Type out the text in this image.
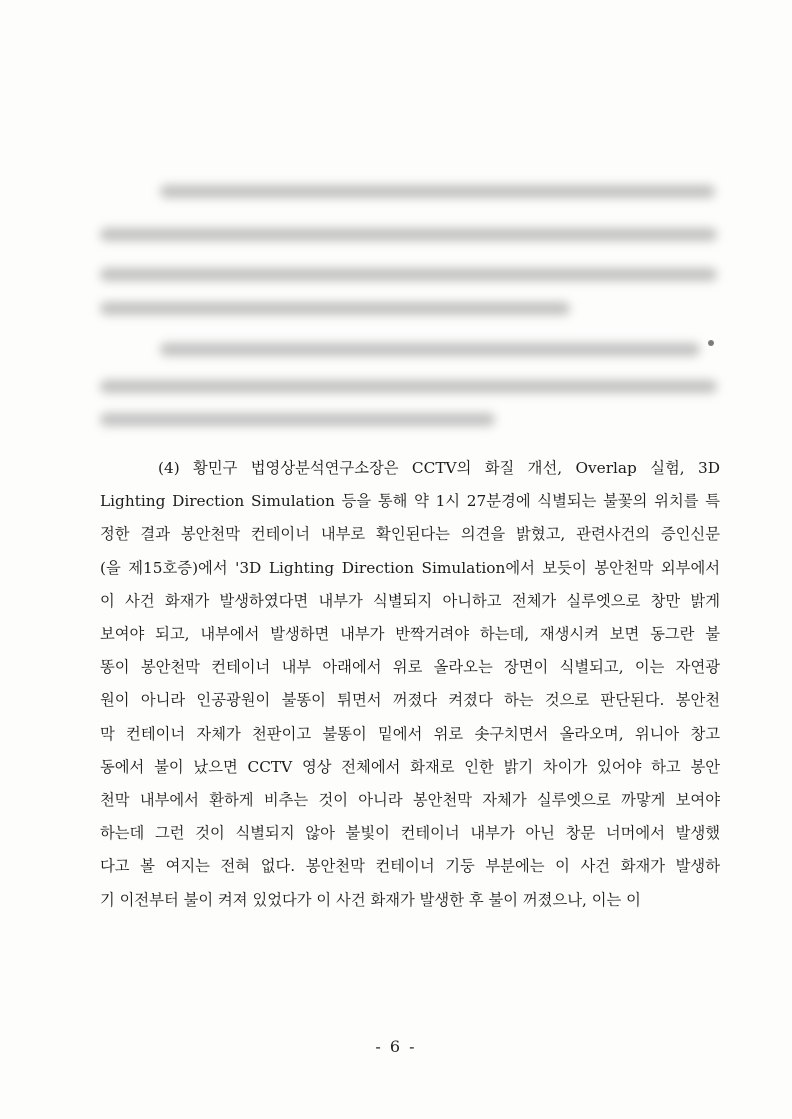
(4) 황민구 법영상분석연구소장은 CCTV의 화질 개선, Overlap 실험, 3D
Lighting Direction Simulation 등을 통해 약 1시 27분경에 식별되는 불꽃의 위치를 특
정한 결과 봉안천막 컨테이너 내부로 확인된다는 의견을 밝혔고, 관련사건의 증인신문
(을 제15호증)에서 '3D Lighting Direction Simulation에서 보듯이 봉안천막 외부에서
이 사건 화재가 발생하였다면 내부가 식별되지 아니하고 전체가 실루엣으로 창만 밝게
보여야 되고, 내부에서 발생하면 내부가 반짝거려야 하는데, 재생시켜 보면 동그란 불
똥이 봉안천막 컨테이너 내부 아래에서 위로 올라오는 장면이 식별되고, 이는 자연광
원이 아니라 인공광원이 불똥이 튀면서 꺼졌다 켜졌다 하는 것으로 판단된다. 봉안천
막 컨테이너 자체가 천판이고 불똥이 밑에서 위로 솟구치면서 올라오며, 위니아 창고
동에서 불이 났으면 CCTV 영상 전체에서 화재로 인한 밝기 차이가 있어야 하고 봉안
천막 내부에서 환하게 비추는 것이 아니라 봉안천막 자체가 실루엣으로 까맣게 보여야
하는데 그런 것이 식별되지 않아 불빛이 컨테이너 내부가 아닌 창문 너머에서 발생했
다고 볼 여지는 전혀 없다. 봉안천막 컨테이너 기둥 부분에는 이 사건 화재가 발생하
기 이전부터 불이 켜져 있었다가 이 사건 화재가 발생한 후 불이 꺼졌으나, 이는 이

- 6 -
